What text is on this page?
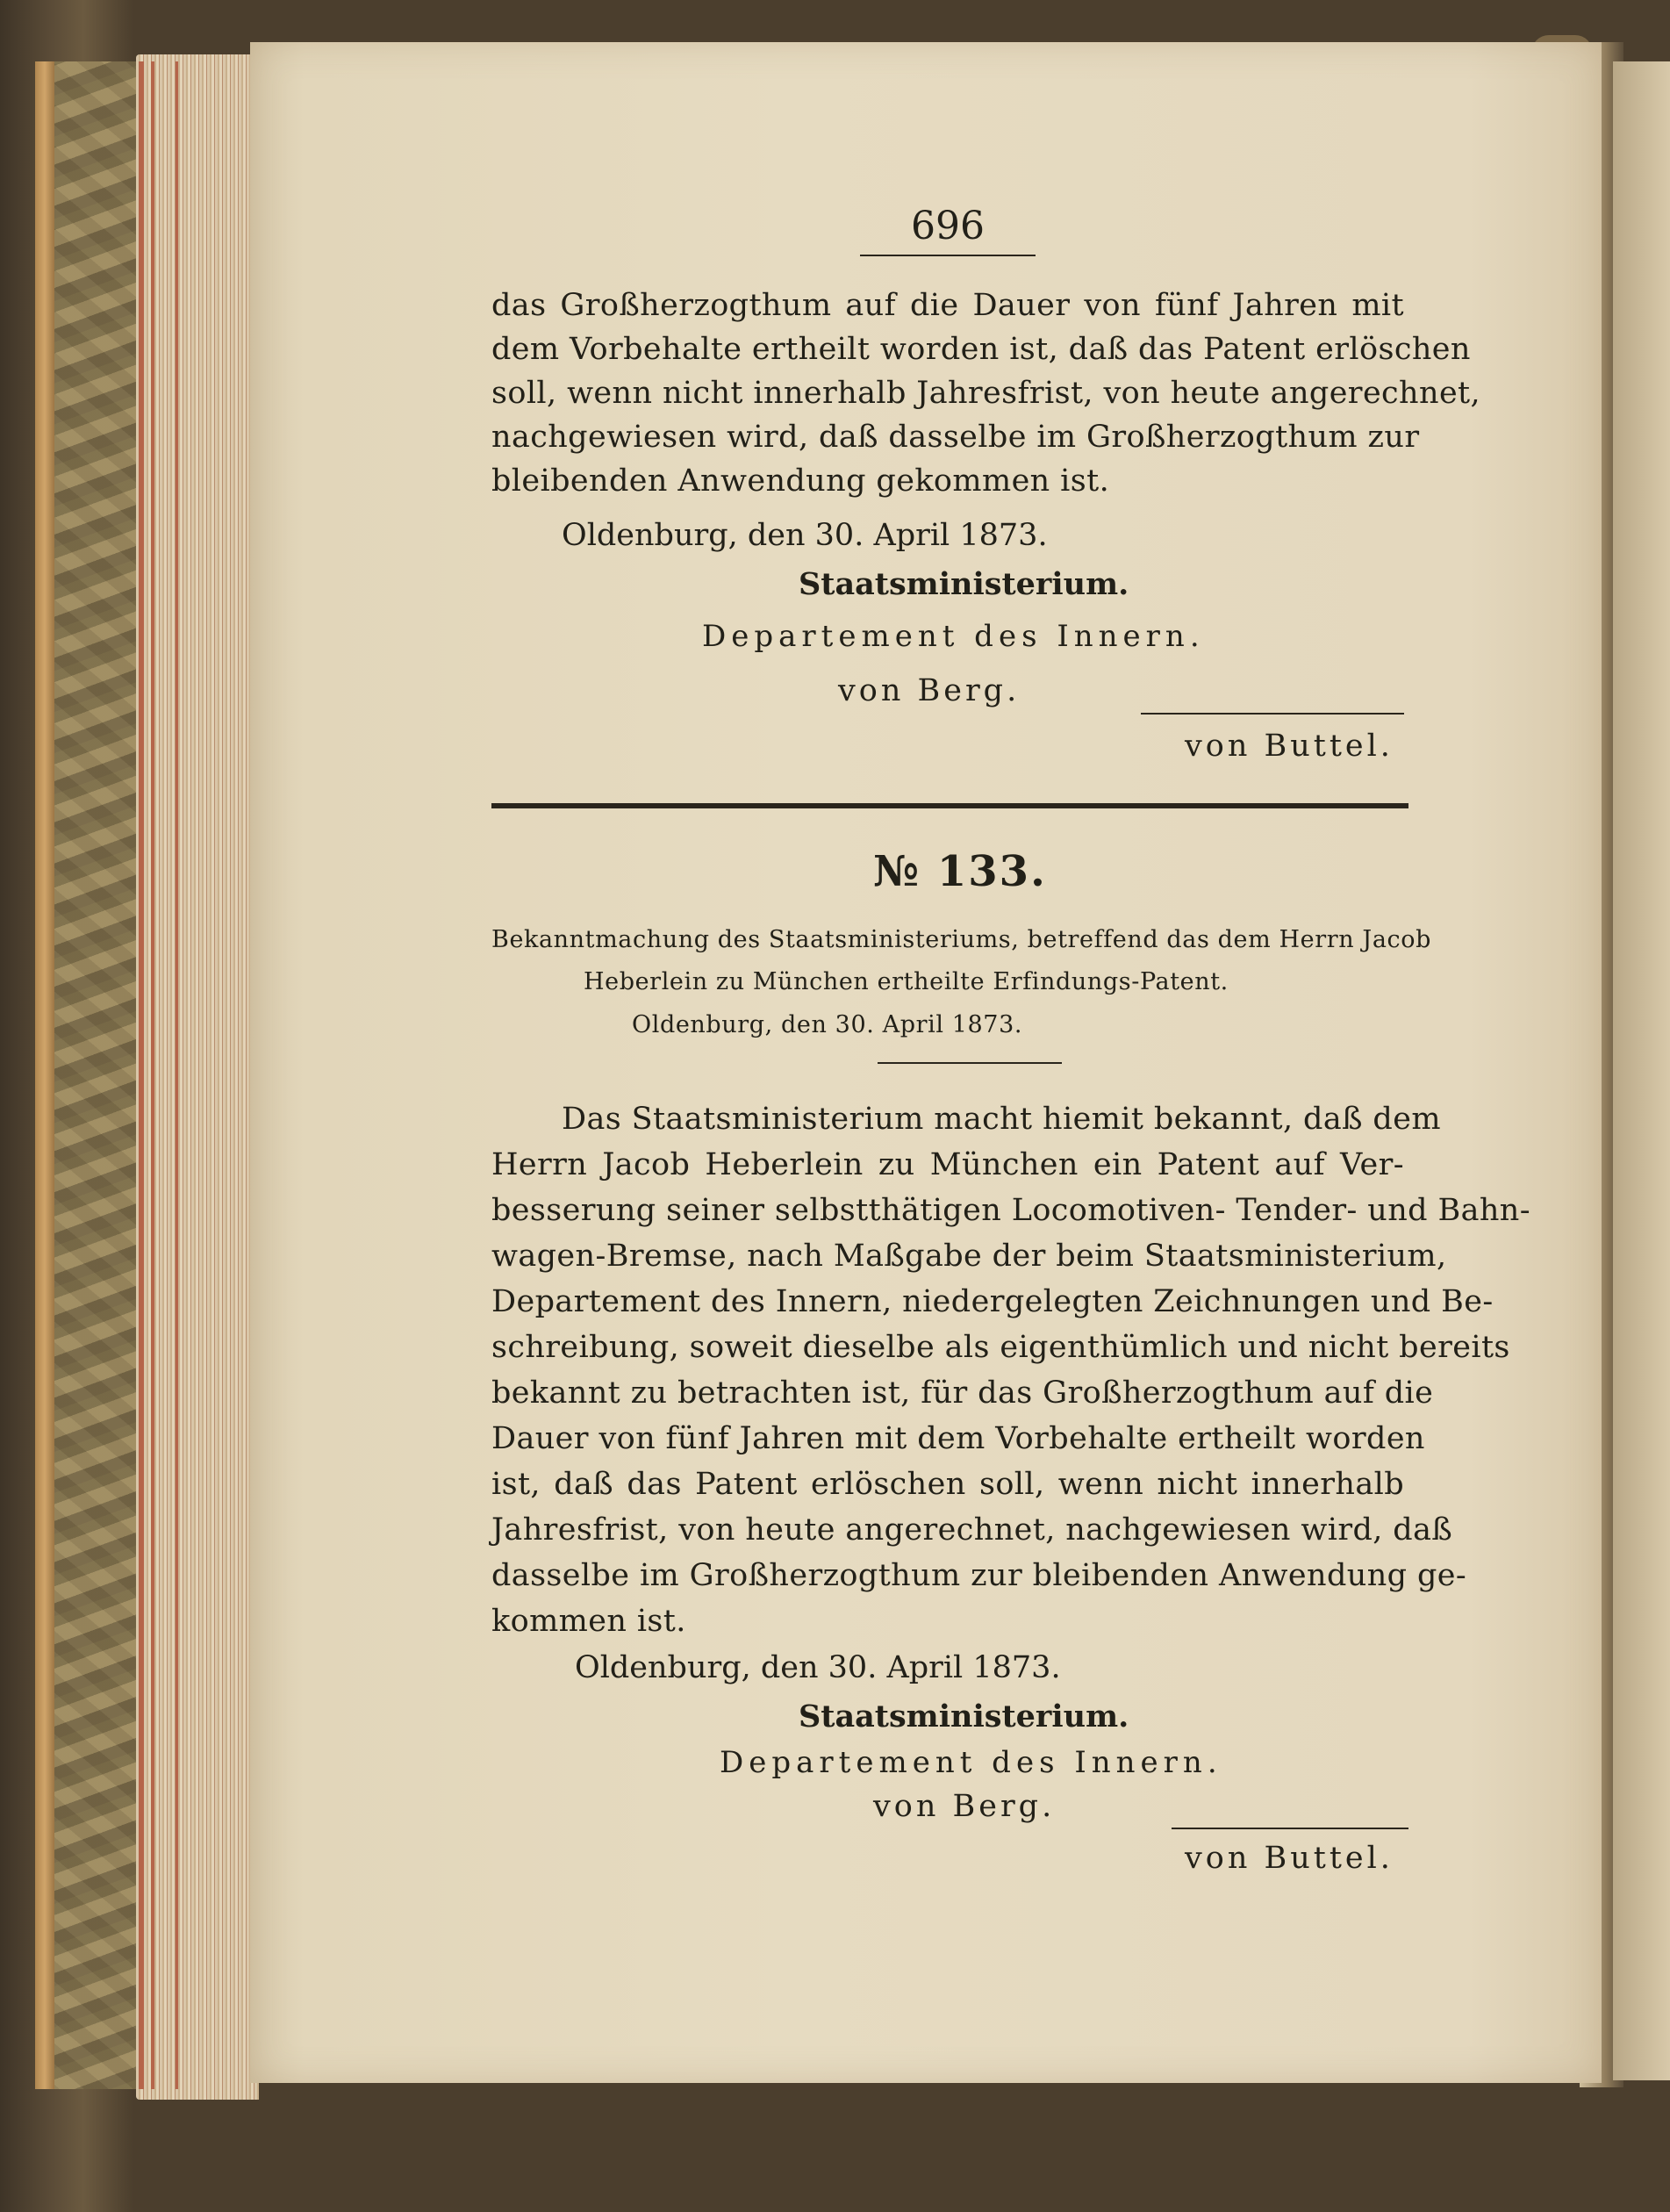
696
das Großherzogthum auf die Dauer von fünf Jahren mit
dem Vorbehalte ertheilt worden ist, daß das Patent erlöschen
soll, wenn nicht innerhalb Jahresfrist, von heute angerechnet,
nachgewiesen wird, daß dasselbe im Großherzogthum zur
bleibenden Anwendung gekommen ist.
Oldenburg, den 30. April 1873.
Staatsministerium.
Departement des Innern.
von Berg.
von Buttel.
№ 133.
Bekanntmachung des Staatsministeriums, betreffend das dem Herrn Jacob
Heberlein zu München ertheilte Erfindungs-Patent.
Oldenburg, den 30. April 1873.
Das Staatsministerium macht hiemit bekannt, daß dem
Herrn Jacob Heberlein zu München ein Patent auf Ver-
besserung seiner selbstthätigen Locomotiven- Tender- und Bahn-
wagen-Bremse, nach Maßgabe der beim Staatsministerium,
Departement des Innern, niedergelegten Zeichnungen und Be-
schreibung, soweit dieselbe als eigenthümlich und nicht bereits
bekannt zu betrachten ist, für das Großherzogthum auf die
Dauer von fünf Jahren mit dem Vorbehalte ertheilt worden
ist, daß das Patent erlöschen soll, wenn nicht innerhalb
Jahresfrist, von heute angerechnet, nachgewiesen wird, daß
dasselbe im Großherzogthum zur bleibenden Anwendung ge-
kommen ist.
Oldenburg, den 30. April 1873.
Staatsministerium.
Departement des Innern.
von Berg.
von Buttel.
